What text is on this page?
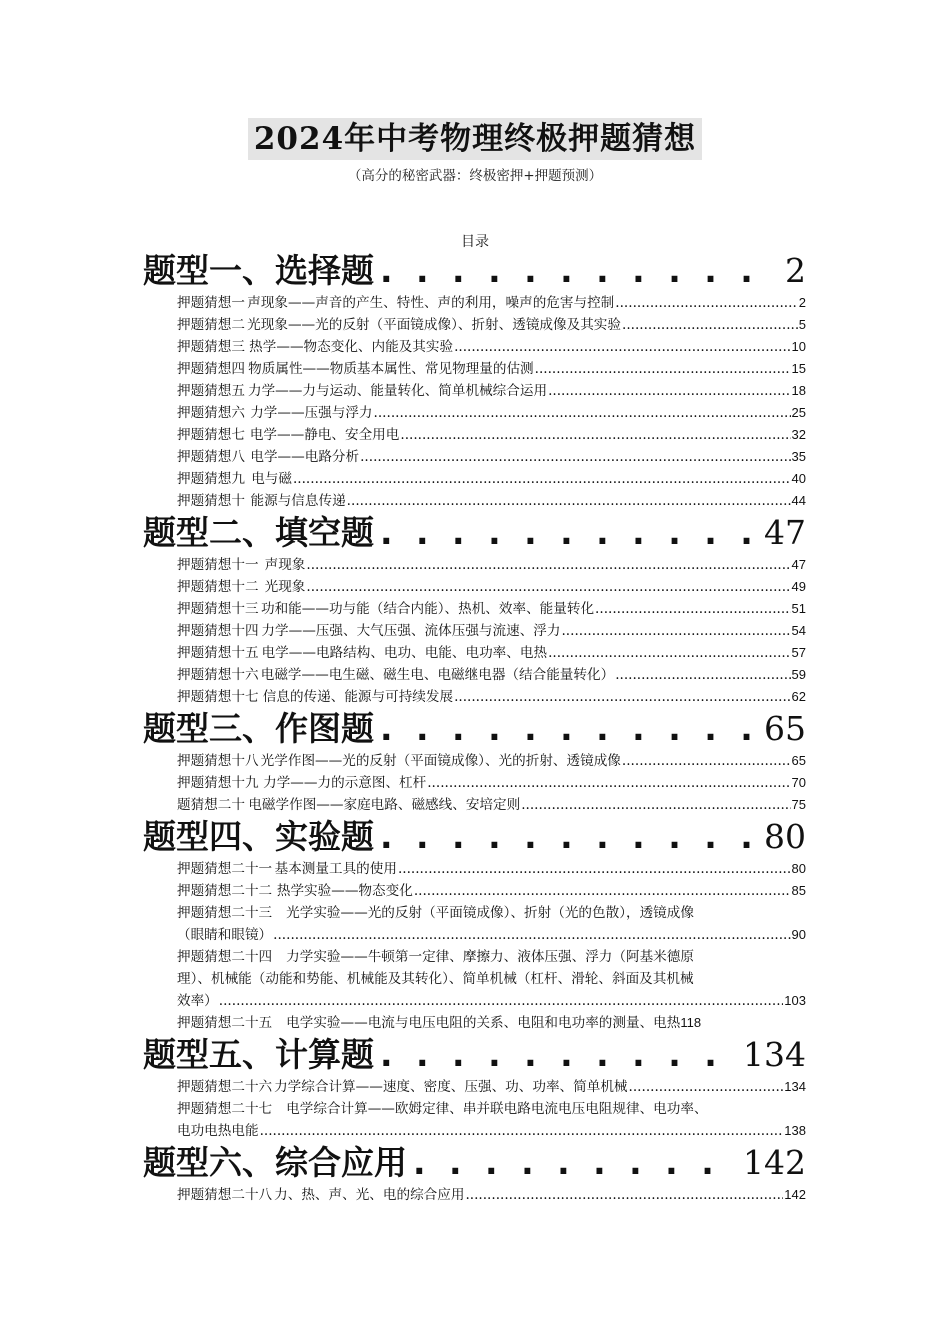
2024年中考物理终极押题猜想
（高分的秘密武器：终极密押+押题预测）
目录
题型一、选择题 . . .	2
押题猜想一 声现象——声音的产生、特性、声的利用，噪声的危害与控制 .....	2
押题猜想二 光现象——光的反射（平面镜成像）、折射、透镜成像及其实验 .....	5
押题猜想三 热学——物态变化、内能及其实验 .....	10
押题猜想四 物质属性——物质基本属性、常见物理量的估测 .....	15
押题猜想五 力学——力与运动、能量转化、简单机械综合运用 .....	18
押题猜想六 力学——压强与浮力 .....	25
押题猜想七 电学——静电、安全用电 .....	32
押题猜想八 电学——电路分析 .....	35
押题猜想九 电与磁 .....	40
押题猜想十 能源与信息传递 .....	44
题型二、填空题 . . .	47
押题猜想十一 声现象 .....	47
押题猜想十二 光现象 .....	49
押题猜想十三 功和能——功与能（结合内能）、热机、效率、能量转化 .....	51
押题猜想十四 力学——压强、大气压强、流体压强与流速、浮力 .....	54
押题猜想十五 电学——电路结构、电功、电能、电功率、电热 .....	57
押题猜想十六 电磁学——电生磁、磁生电、电磁继电器（结合能量转化） .....	59
押题猜想十七 信息的传递、能源与可持续发展 .....	62
题型三、作图题 . . .	65
押题猜想十八 光学作图——光的反射（平面镜成像）、光的折射、透镜成像 .....	65
押题猜想十九 力学——力的示意图、杠杆 .....	70
题猜想二十 电磁学作图——家庭电路、磁感线、安培定则 .....	75
题型四、实验题 . . .	80
押题猜想二十一 基本测量工具的使用 .....	80
押题猜想二十二 热学实验——物态变化 .....	85
押题猜想二十三 光学实验——光的反射（平面镜成像）、折射（光的色散），透镜成像
（眼睛和眼镜） .....	90
押题猜想二十四 力学实验——牛顿第一定律、摩擦力、液体压强、浮力（阿基米德原
理）、机械能（动能和势能、机械能及其转化）、简单机械（杠杆、滑轮、斜面及其机械
效率） .....	103
押题猜想二十五 电学实验——电流与电压电阻的关系、电阻和电功率的测量、电热 118
题型五、计算题 . . .	134
押题猜想二十六 力学综合计算——速度、密度、压强、功、功率、简单机械 .....	134
押题猜想二十七 电学综合计算——欧姆定律、串并联电路电流电压电阻规律、电功率、
电功电热电能 .....	138
题型六、综合应用 . . .	142
押题猜想二十八 力、热、声、光、电的综合应用 .....	142
